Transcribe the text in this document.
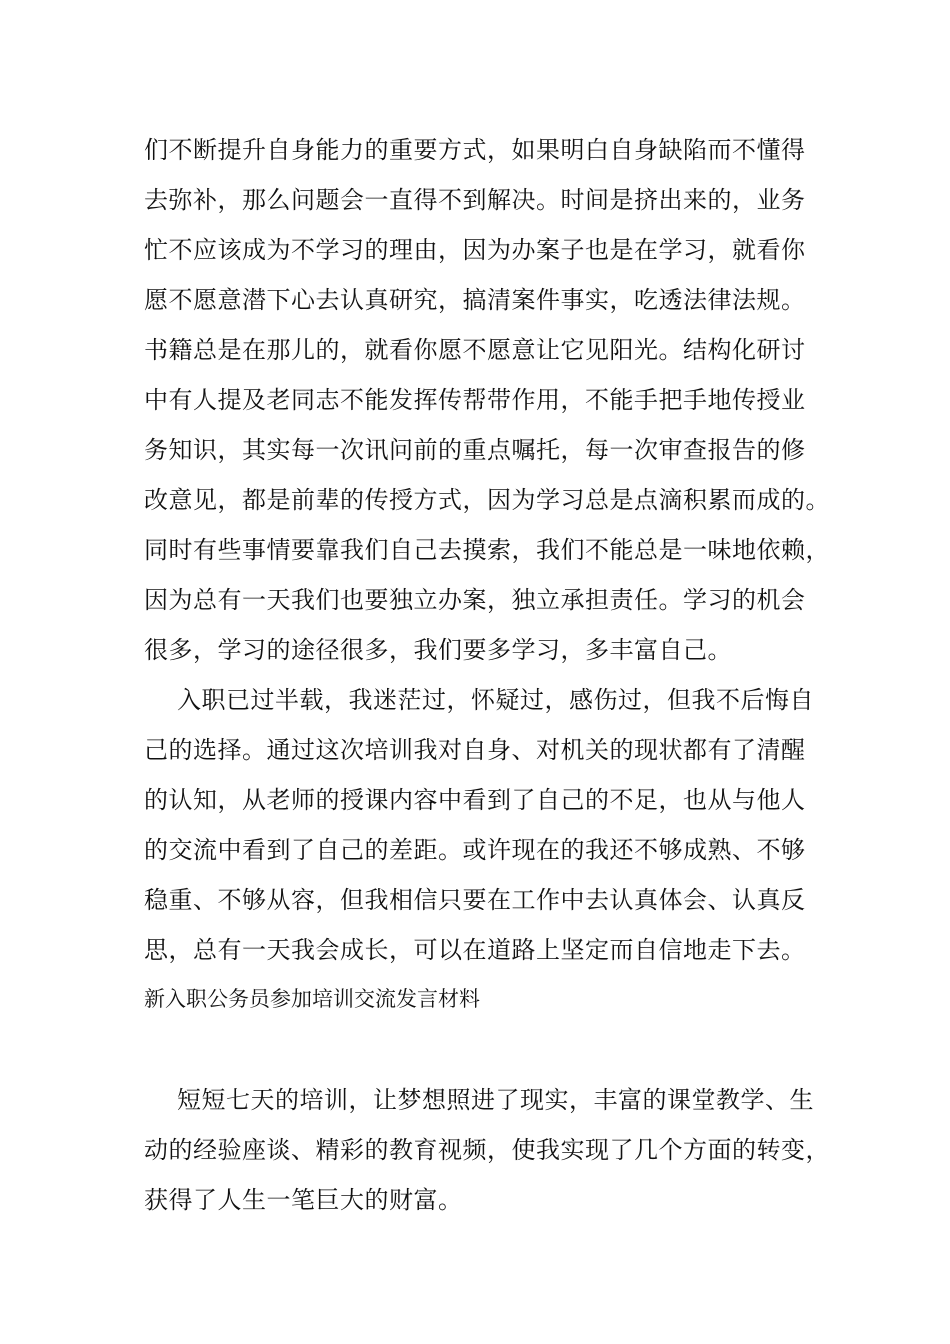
们不断提升自身能力的重要方式，如果明白自身缺陷而不懂得
去弥补，那么问题会一直得不到解决。时间是挤出来的，业务
忙不应该成为不学习的理由，因为办案子也是在学习，就看你
愿不愿意潜下心去认真研究，搞清案件事实，吃透法律法规。
书籍总是在那儿的，就看你愿不愿意让它见阳光。结构化研讨
中有人提及老同志不能发挥传帮带作用，不能手把手地传授业
务知识，其实每一次讯问前的重点嘱托，每一次审查报告的修
改意见，都是前辈的传授方式，因为学习总是点滴积累而成的。
同时有些事情要靠我们自己去摸索，我们不能总是一味地依赖，
因为总有一天我们也要独立办案，独立承担责任。学习的机会
很多，学习的途径很多，我们要多学习，多丰富自己。
入职已过半载，我迷茫过，怀疑过，感伤过，但我不后悔自
己的选择。通过这次培训我对自身、对机关的现状都有了清醒
的认知，从老师的授课内容中看到了自己的不足，也从与他人
的交流中看到了自己的差距。或许现在的我还不够成熟、不够
稳重、不够从容，但我相信只要在工作中去认真体会、认真反
思，总有一天我会成长，可以在道路上坚定而自信地走下去。
新入职公务员参加培训交流发言材料
短短七天的培训，让梦想照进了现实，丰富的课堂教学、生
动的经验座谈、精彩的教育视频，使我实现了几个方面的转变，
获得了人生一笔巨大的财富。
